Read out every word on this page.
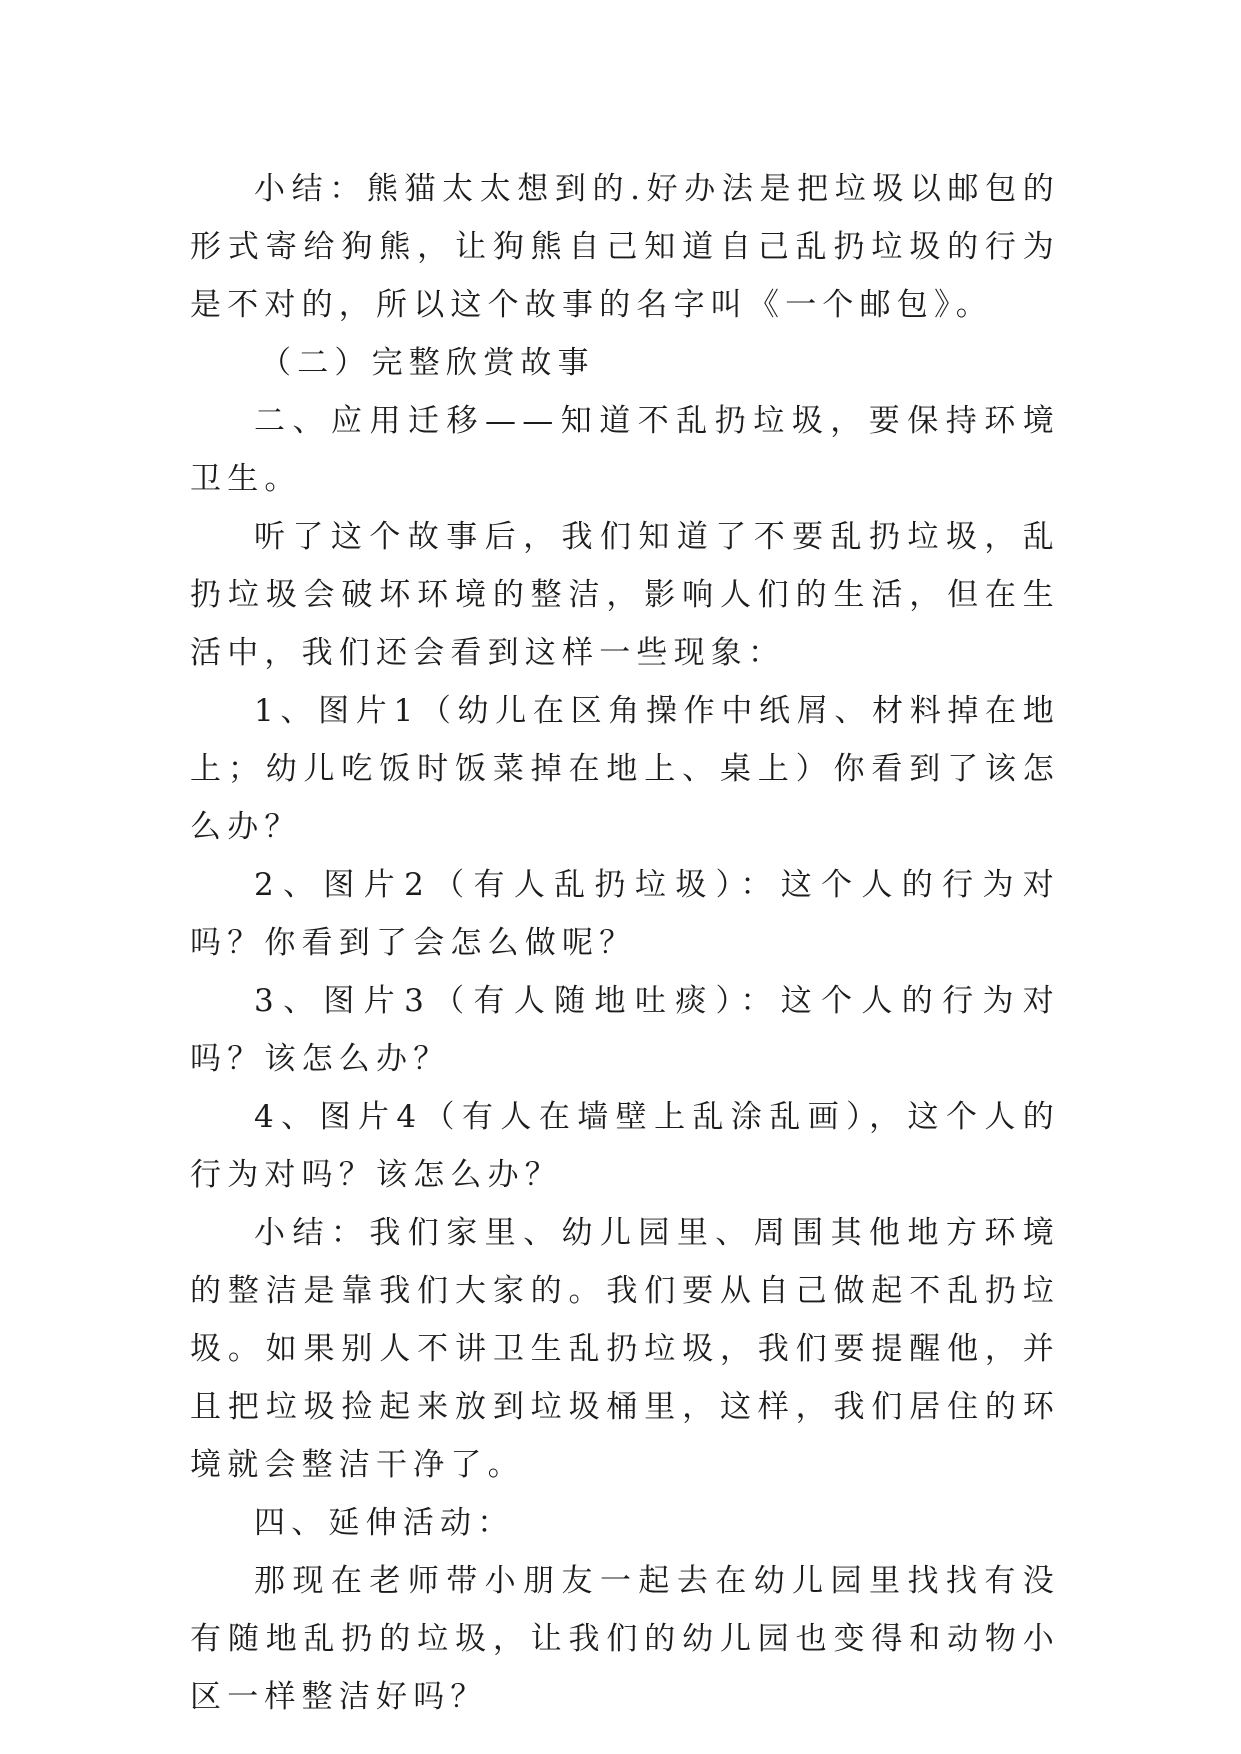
小结：熊猫太太想到的.好办法是把垃圾以邮包的形式寄给狗熊，让狗熊自己知道自己乱扔垃圾的行为是不对的，所以这个故事的名字叫《一个邮包》。

（二）完整欣赏故事

二、应用迁移——知道不乱扔垃圾，要保持环境卫生。

听了这个故事后，我们知道了不要乱扔垃圾，乱扔垃圾会破坏环境的整洁，影响人们的生活，但在生活中，我们还会看到这样一些现象：

1、图片1（幼儿在区角操作中纸屑、材料掉在地上；幼儿吃饭时饭菜掉在地上、桌上）你看到了该怎么办？

2、图片2（有人乱扔垃圾）：这个人的行为对吗？你看到了会怎么做呢？

3、图片3（有人随地吐痰）：这个人的行为对吗？该怎么办？

4、图片4（有人在墙壁上乱涂乱画），这个人的行为对吗？该怎么办？

小结：我们家里、幼儿园里、周围其他地方环境的整洁是靠我们大家的。我们要从自己做起不乱扔垃圾。如果别人不讲卫生乱扔垃圾，我们要提醒他，并且把垃圾捡起来放到垃圾桶里，这样，我们居住的环境就会整洁干净了。

四、延伸活动：

那现在老师带小朋友一起去在幼儿园里找找有没有随地乱扔的垃圾，让我们的幼儿园也变得和动物小区一样整洁好吗？
